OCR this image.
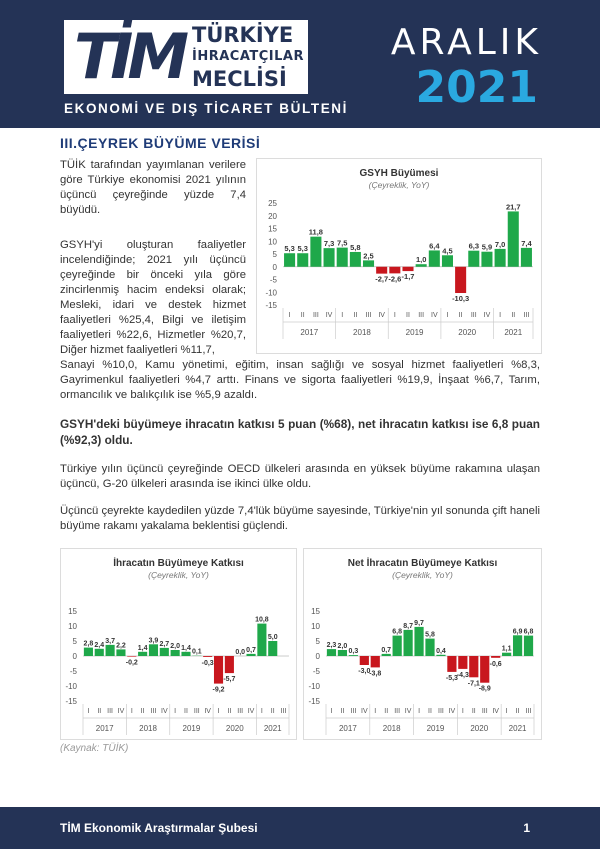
TİM TÜRKİYE
İHRACATÇILAR
MECLİSİ
EKONOMİ VE DIŞ TİCARET BÜLTENİ
ARALIK
2021
III.ÇEYREK BÜYÜME VERİSİ
TÜİK tarafından yayımlanan verilere göre Türkiye ekonomisi 2021 yılının üçüncü çeyreğinde yüzde 7,4 büyüdü.
GSYH'yi oluşturan faaliyetler incelendiğinde; 2021 yılı üçüncü çeyreğinde bir önceki yıla göre zincirlenmiş hacim endeksi olarak; Mesleki, idari ve destek hizmet faaliyetleri %25,4, Bilgi ve iletişim faaliyetleri %22,6, Hizmetler %20,7, Diğer hizmet faaliyetleri %11,7,
Sanayi %10,0, Kamu yönetimi, eğitim, insan sağlığı ve sosyal hizmet faaliyetleri %8,3, Gayrimenkul faaliyetleri %4,7 arttı. Finans ve sigorta faaliyetleri %19,9, İnşaat %6,7, Tarım, ormancılık ve balıkçılık ise %5,9 azaldı.
GSYH'deki büyümeye ihracatın katkısı 5 puan (%68), net ihracatın katkısı ise 6,8 puan (%92,3) oldu.
Türkiye yılın üçüncü çeyreğinde OECD ülkeleri arasında en yüksek büyüme rakamına ulaşan üçüncü, G-20 ülkeleri arasında ise ikinci ülke oldu.
Üçüncü çeyrekte kaydedilen yüzde 7,4'lük büyüme sayesinde, Türkiye'nin yıl sonunda çift haneli büyüme rakamı yakalama beklentisi güçlendi.
GSYH Büyümesi
(Çeyreklik, YoY)
25
20
15
10
5
0
-5
-10
-15
5,3 5,3
11,8
7,3 7,5 5,8
2,5
-2,7 -2,6 -1,7
1,0
6,4
4,5
-10,3
6,3 5,9 7,0
21,7
7,4
I II III IV I II III IV I II III IV I II III IV I II III
2017	2018	2019	2020	2021
İhracatın Büyümeye Katkısı
(Çeyreklik, YoY)
15
10
5
0
-5
-10
-15
2,8 2,4
3,7
2,2
-0,2
1,4
3,9
2,7 2,0 1,4
0,1
-0,3
-9,2
-5,7
0,0 0,7
10,8
5,0
I II III IV I II III IV I II III IV I II III IV I II III
2017	2018	2019	2020	2021
Net İhracatın Büyümeye Katkısı
(Çeyreklik, YoY)
15
10
5
0
-5
-10
-15
2,3 2,0
0,3
-3,0
-3,8
0,7
6,8
8,7 9,7
5,8
0,4
-5,3
-4,3
-7,1
-8,9
-0,6
1,1
6,9 6,8
I II III IV I II III IV I II III IV I II III IV I II III
2017	2018	2019	2020	2021
(Kaynak: TÜİK)
TİM Ekonomik Araştırmalar Şubesi	1
